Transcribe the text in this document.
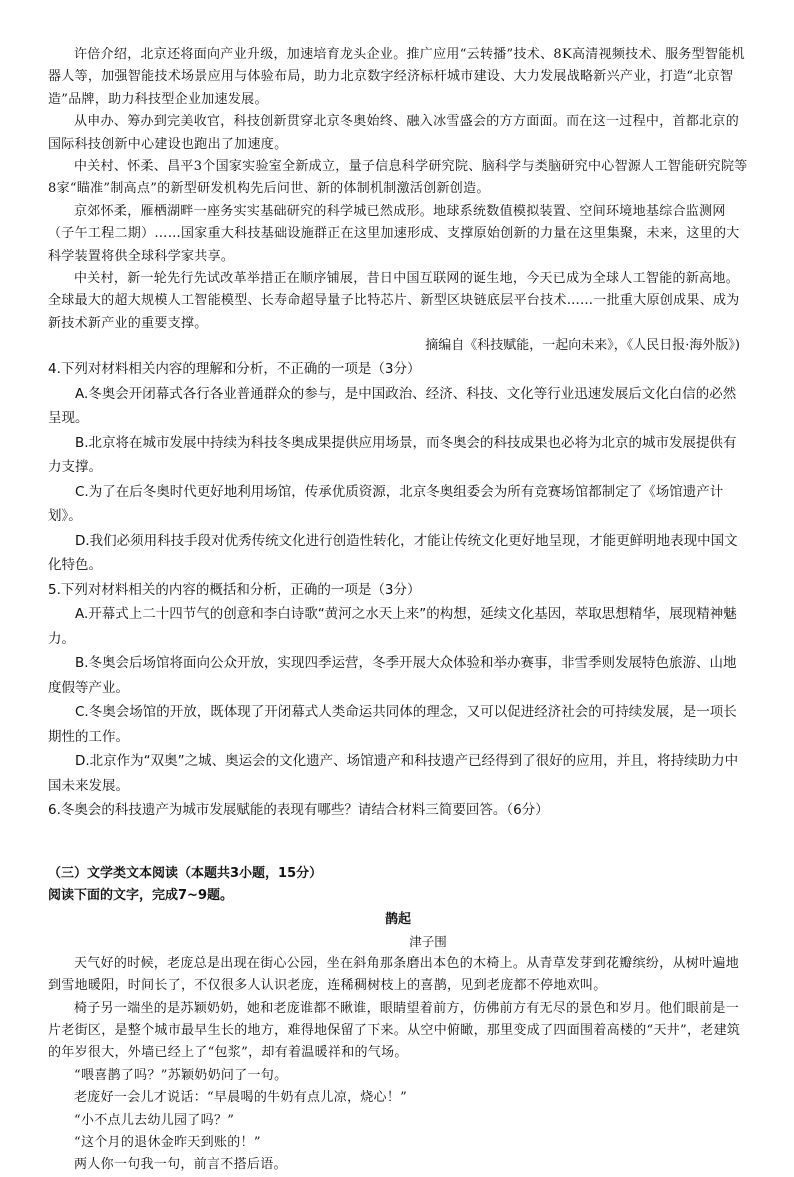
许倍介绍，北京还将面向产业升级，加速培育龙头企业。推广应用“云转播”技术、8K高清视频技术、服务型智能机器人等，加强智能技术场景应用与体验布局，助力北京数字经济标杆城市建设、大力发展战略新兴产业，打造“北京智造”品牌，助力科技型企业加速发展。

从申办、筹办到完美收官，科技创新贯穿北京冬奥始终、融入冰雪盛会的方方面面。而在这一过程中，首都北京的国际科技创新中心建设也跑出了加速度。

中关村、怀柔、昌平3个国家实验室全新成立，量子信息科学研究院、脑科学与类脑研究中心智源人工智能研究院等8家“瞄准”制高点”的新型研发机构先后问世、新的体制机制激活创新创造。

京郊怀柔，雁栖湖畔一座务实实基础研究的科学城已然成形。地球系统数值模拟装置、空间环境地基综合监测网（子午工程二期）……国家重大科技基础设施群正在这里加速形成、支撑原始创新的力量在这里集聚，未来，这里的大科学装置将供全球科学家共享。

中关村，新一轮先行先试改革举措正在顺序铺展，昔日中国互联网的诞生地，今天已成为全球人工智能的新高地。全球最大的超大规模人工智能模型、长寿命超导量子比特芯片、新型区块链底层平台技术……一批重大原创成果、成为新技术新产业的重要支撑。

摘编自《科技赋能，一起向未来》，《人民日报·海外版》)

4.下列对材料相关内容的理解和分析，不正确的一项是（3分）

A.冬奥会开闭幕式各行各业普通群众的参与，是中国政治、经济、科技、文化等行业迅速发展后文化白信的必然呈现。

B.北京将在城市发展中持续为科技冬奥成果提供应用场景，而冬奥会的科技成果也必将为北京的城市发展提供有力支撑。

C.为了在后冬奥时代更好地利用场馆，传承优质资源，北京冬奥组委会为所有竞赛场馆都制定了《场馆遗产计划》。

D.我们必须用科技手段对优秀传统文化进行创造性转化，才能让传统文化更好地呈现，才能更鲜明地表现中国文化特色。

5.下列对材料相关的内容的概括和分析，正确的一项是（3分）

A.开幕式上二十四节气的创意和李白诗歌“黄河之水天上来”的构想，延续文化基因，萃取思想精华，展现精神魅力。

B.冬奥会后场馆将面向公众开放，实现四季运营，冬季开展大众体验和举办赛事，非雪季则发展特色旅游、山地度假等产业。

C.冬奥会场馆的开放，既体现了开闭幕式人类命运共同体的理念，又可以促进经济社会的可持续发展，是一项长期性的工作。

D.北京作为“双奥”之城、奥运会的文化遗产、场馆遗产和科技遗产已经得到了很好的应用，并且，将持续助力中国未来发展。

6.冬奥会的科技遗产为城市发展赋能的表现有哪些？请结合材料三简要回答。（6分）

（三）文学类文本阅读（本题共3小题，15分）

阅读下面的文字，完成7~9题。

鹊起

津子围

天气好的时候，老庞总是出现在街心公园，坐在斜角那条磨出本色的木椅上。从青草发芽到花瓣缤纷，从树叶遍地到雪地暖阳，时间长了，不仅很多人认识老庞，连稀稠树枝上的喜鹊，见到老庞都不停地欢叫。

椅子另一端坐的是苏颖奶奶，她和老庞谁都不瞅谁，眼睛望着前方，仿佛前方有无尽的景色和岁月。他们眼前是一片老街区，是整个城市最早生长的地方，难得地保留了下来。从空中俯瞰，那里变成了四面围着高楼的“天井”，老建筑的年岁很大，外墙已经上了“包浆”，却有着温暖祥和的气场。

“喂喜鹊了吗？”苏颖奶奶问了一句。

老庞好一会儿才说话：“早晨喝的牛奶有点儿凉，烧心！”

“小不点儿去幼儿园了吗？”

“这个月的退休金昨天到账的！”

两人你一句我一句，前言不搭后语。
